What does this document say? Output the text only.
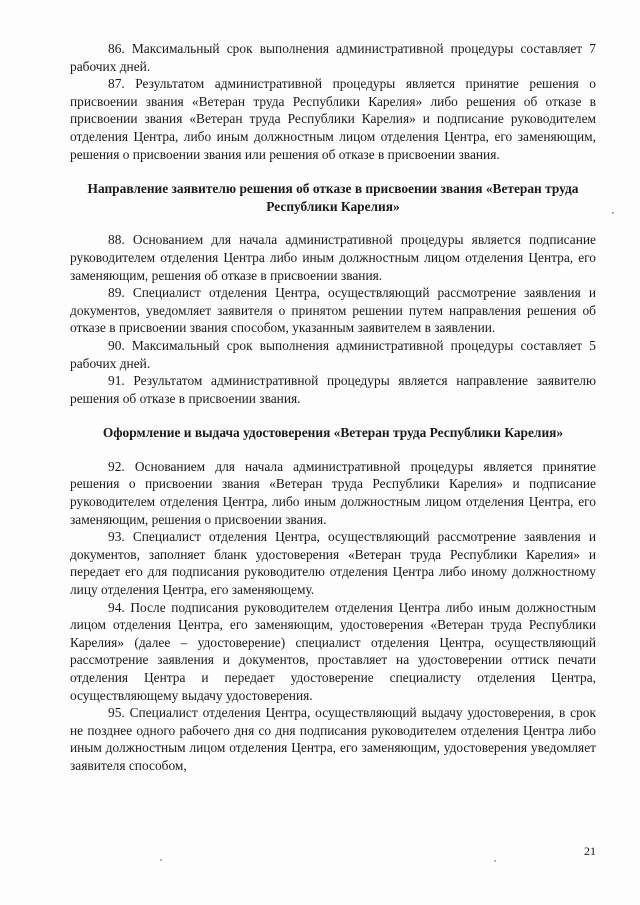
86. Максимальный срок выполнения административной процедуры составляет 7 рабочих дней.

87. Результатом административной процедуры является принятие решения о присвоении звания «Ветеран труда Республики Карелия» либо решения об отказе в присвоении звания «Ветеран труда Республики Карелия» и подписание руководителем отделения Центра, либо иным должностным лицом отделения Центра, его заменяющим, решения о присвоении звания или решения об отказе в присвоении звания.

Направление заявителю решения об отказе в присвоении звания «Ветеран труда Республики Карелия»

88. Основанием для начала административной процедуры является подписание руководителем отделения Центра либо иным должностным лицом отделения Центра, его заменяющим, решения об отказе в присвоении звания.

89. Специалист отделения Центра, осуществляющий рассмотрение заявления и документов, уведомляет заявителя о принятом решении путем направления решения об отказе в присвоении звания способом, указанным заявителем в заявлении.

90. Максимальный срок выполнения административной процедуры составляет 5 рабочих дней.

91. Результатом административной процедуры является направление заявителю решения об отказе в присвоении звания.

Оформление и выдача удостоверения «Ветеран труда Республики Карелия»

92. Основанием для начала административной процедуры является принятие решения о присвоении звания «Ветеран труда Республики Карелия» и подписание руководителем отделения Центра, либо иным должностным лицом отделения Центра, его заменяющим, решения о присвоении звания.

93. Специалист отделения Центра, осуществляющий рассмотрение заявления и документов, заполняет бланк удостоверения «Ветеран труда Республики Карелия» и передает его для подписания руководителю отделения Центра либо иному должностному лицу отделения Центра, его заменяющему.

94. После подписания руководителем отделения Центра либо иным должностным лицом отделения Центра, его заменяющим, удостоверения «Ветеран труда Республики Карелия» (далее – удостоверение) специалист отделения Центра, осуществляющий рассмотрение заявления и документов, проставляет на удостоверении оттиск печати отделения Центра и передает удостоверение специалисту отделения Центра, осуществляющему выдачу удостоверения.

95. Специалист отделения Центра, осуществляющий выдачу удостоверения, в срок не позднее одного рабочего дня со дня подписания руководителем отделения Центра либо иным должностным лицом отделения Центра, его заменяющим, удостоверения уведомляет заявителя способом,

21
